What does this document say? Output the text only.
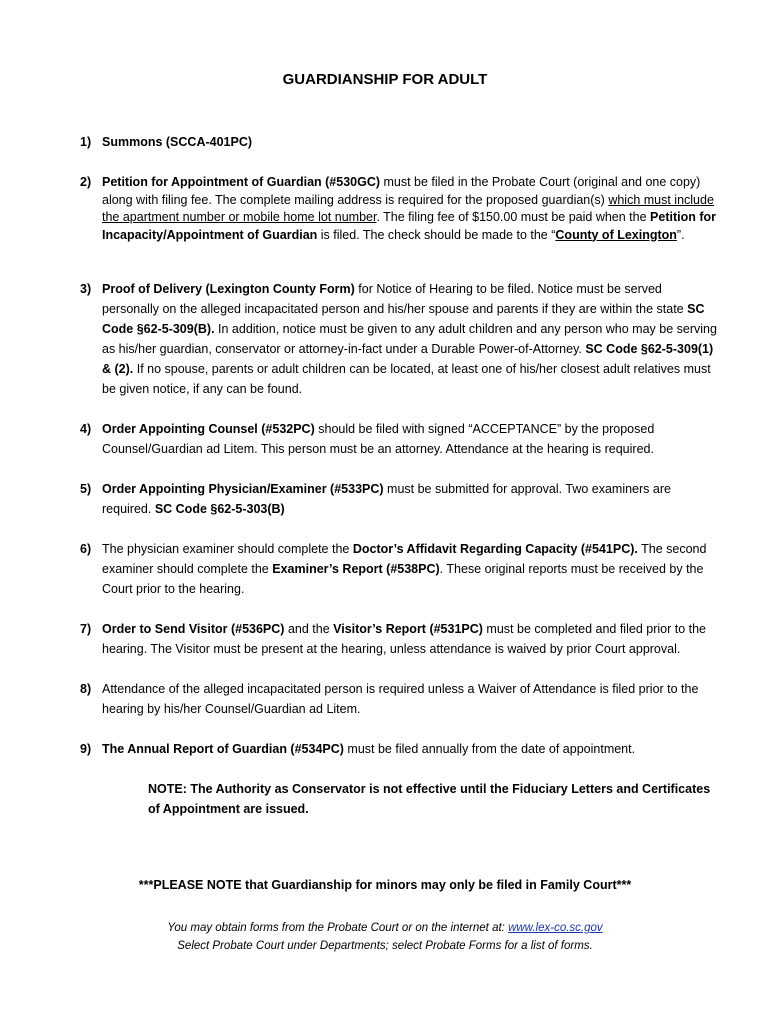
GUARDIANSHIP FOR ADULT
1) Summons (SCCA-401PC)
2) Petition for Appointment of Guardian (#530GC) must be filed in the Probate Court (original and one copy) along with filing fee. The complete mailing address is required for the proposed guardian(s) which must include the apartment number or mobile home lot number. The filing fee of $150.00 must be paid when the Petition for Incapacity/Appointment of Guardian is filed. The check should be made to the “County of Lexington”.
3) Proof of Delivery (Lexington County Form) for Notice of Hearing to be filed. Notice must be served personally on the alleged incapacitated person and his/her spouse and parents if they are within the state SC Code §62-5-309(B). In addition, notice must be given to any adult children and any person who may be serving as his/her guardian, conservator or attorney-in-fact under a Durable Power-of-Attorney. SC Code §62-5-309(1) & (2). If no spouse, parents or adult children can be located, at least one of his/her closest adult relatives must be given notice, if any can be found.
4) Order Appointing Counsel (#532PC) should be filed with signed “ACCEPTANCE” by the proposed Counsel/Guardian ad Litem. This person must be an attorney. Attendance at the hearing is required.
5) Order Appointing Physician/Examiner (#533PC) must be submitted for approval. Two examiners are required. SC Code §62-5-303(B)
6) The physician examiner should complete the Doctor’s Affidavit Regarding Capacity (#541PC). The second examiner should complete the Examiner’s Report (#538PC). These original reports must be received by the Court prior to the hearing.
7) Order to Send Visitor (#536PC) and the Visitor’s Report (#531PC) must be completed and filed prior to the hearing. The Visitor must be present at the hearing, unless attendance is waived by prior Court approval.
8) Attendance of the alleged incapacitated person is required unless a Waiver of Attendance is filed prior to the hearing by his/her Counsel/Guardian ad Litem.
9) The Annual Report of Guardian (#534PC) must be filed annually from the date of appointment.
NOTE: The Authority as Conservator is not effective until the Fiduciary Letters and Certificates of Appointment are issued.
***PLEASE NOTE that Guardianship for minors may only be filed in Family Court***
You may obtain forms from the Probate Court or on the internet at: www.lex-co.sc.gov
Select Probate Court under Departments; select Probate Forms for a list of forms.
